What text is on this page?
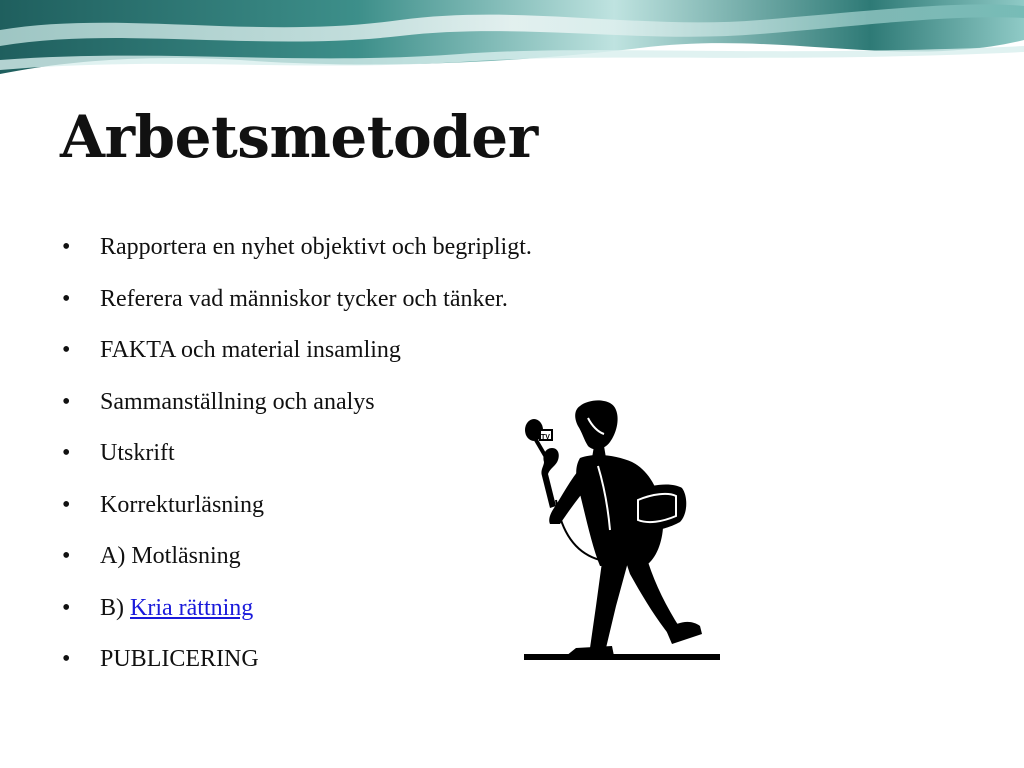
Arbetsmetoder
•	Rapportera en nyhet objektivt och begripligt.
•	Referera vad människor tycker och tänker.
•	FAKTA och material insamling
•	Sammanställning och analys
•	Utskrift
•	Korrekturläsning
•	A) Motläsning
•	B) Kria rättning
•	PUBLICERING
TV
